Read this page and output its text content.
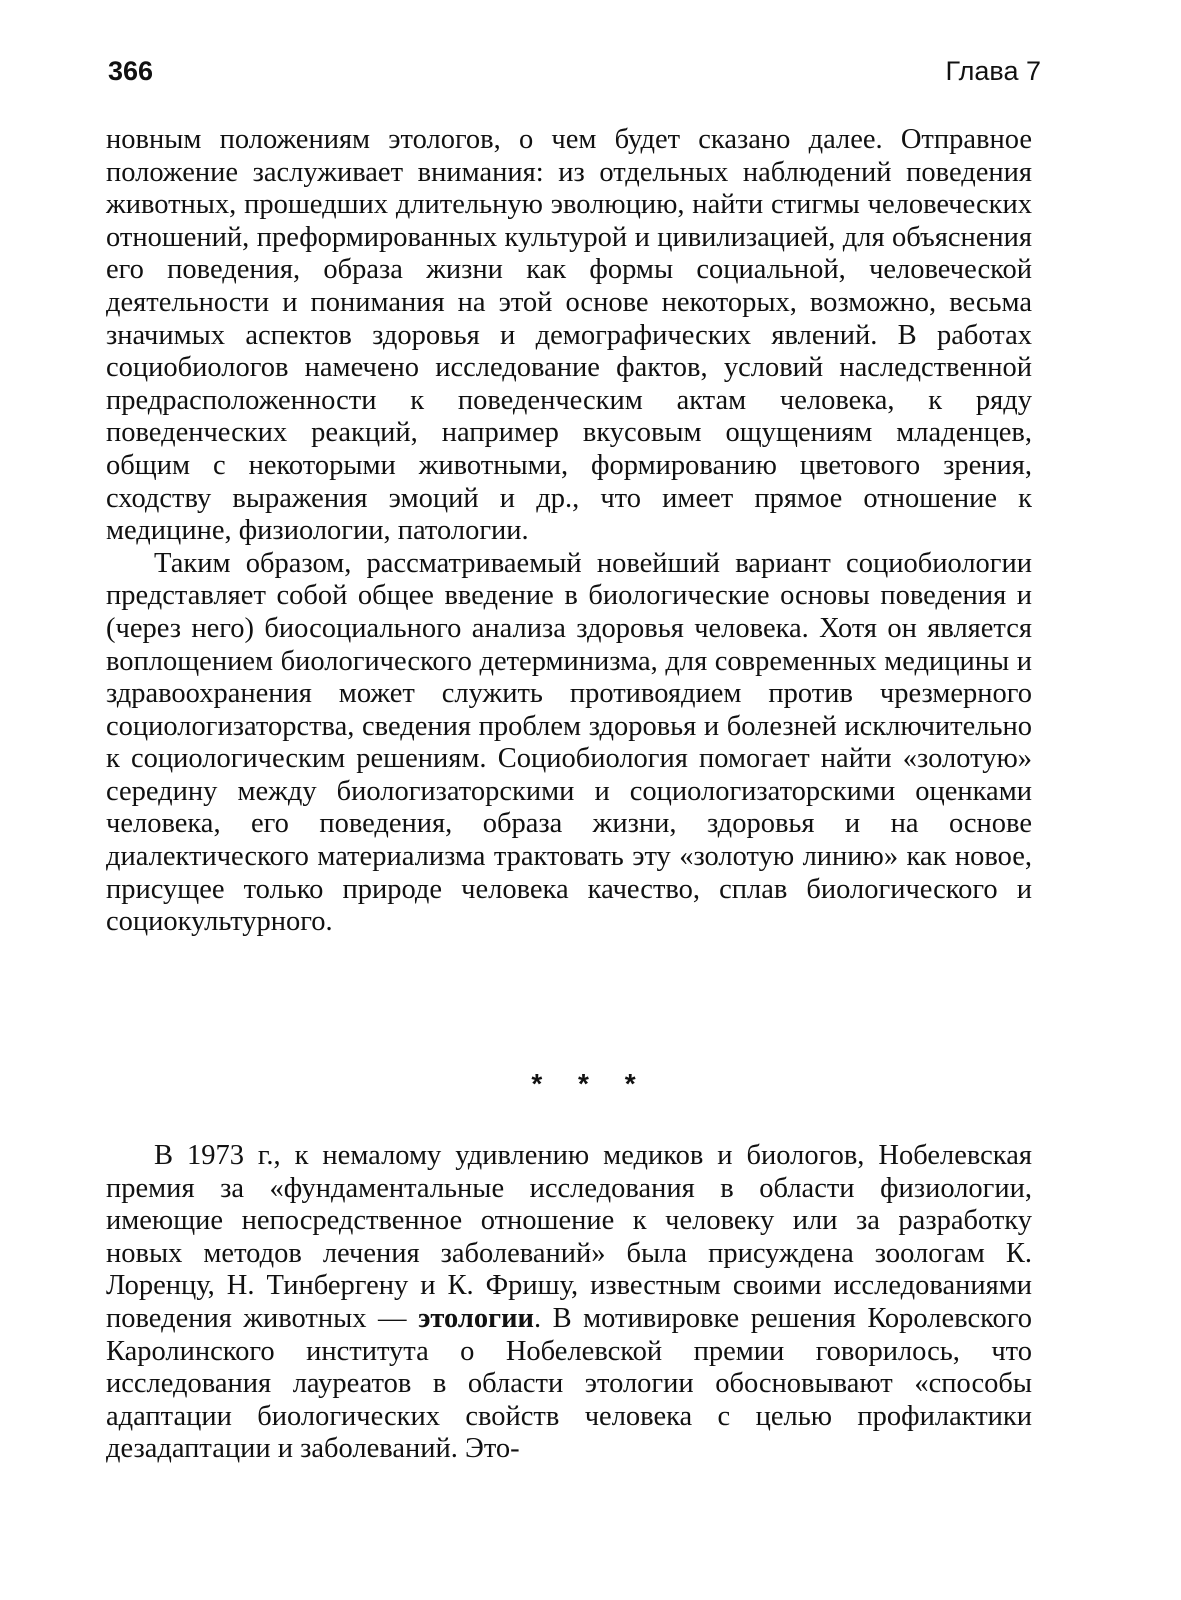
366	Глава 7

новным положениям этологов, о чем будет сказано далее. Отправное положение заслуживает внимания: из отдельных наблюдений поведения животных, прошедших длительную эволюцию, найти стигмы человеческих отношений, преформированных культурой и цивилизацией, для объяснения его поведения, образа жизни как формы социальной, человеческой деятельности и понимания на этой основе некоторых, возможно, весьма значимых аспектов здоровья и демографических явлений. В работах социобиологов намечено исследование фактов, условий наследственной предрасположенности к поведенческим актам человека, к ряду поведенческих реакций, например вкусовым ощущениям младенцев, общим с некоторыми животными, формированию цветового зрения, сходству выражения эмоций и др., что имеет прямое отношение к медицине, физиологии, патологии.

Таким образом, рассматриваемый новейший вариант социобиологии представляет собой общее введение в биологические основы поведения и (через него) биосоциального анализа здоровья человека. Хотя он является воплощением биологического детерминизма, для современных медицины и здравоохранения может служить противоядием против чрезмерного социологизаторства, сведения проблем здоровья и болезней исключительно к социологическим решениям. Социобиология помогает найти «золотую» середину между биологизаторскими и социологизаторскими оценками человека, его поведения, образа жизни, здоровья и на основе диалектического материализма трактовать эту «золотую линию» как новое, присущее только природе человека качество, сплав биологического и социокультурного.

* * *

В 1973 г., к немалому удивлению медиков и биологов, Нобелевская премия за «фундаментальные исследования в области физиологии, имеющие непосредственное отношение к человеку или за разработку новых методов лечения заболеваний» была присуждена зоологам К. Лоренцу, Н. Тинбергену и К. Фришу, известным своими исследованиями поведения животных — этологии. В мотивировке решения Королевского Каролинского института о Нобелевской премии говорилось, что исследования лауреатов в области этологии обосновывают «способы адаптации биологических свойств человека с целью профилактики дезадаптации и заболеваний. Это-
